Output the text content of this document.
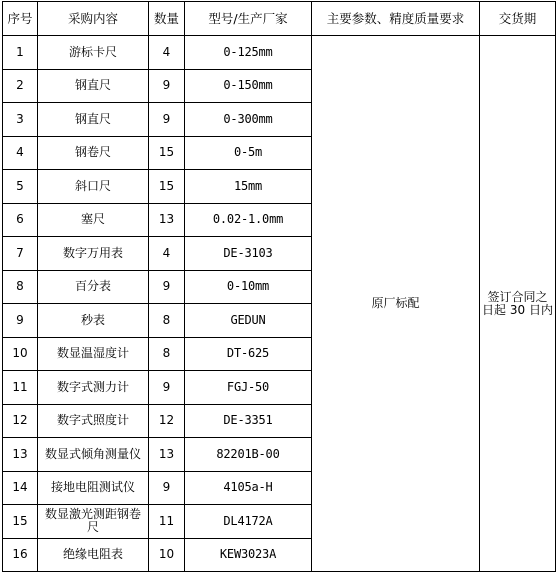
序号	采购内容	数量	型号/生产厂家	主要参数、精度质量要求	交货期
1	游标卡尺	4	0-125mm	原厂标配	签订合同之日起 30 日内
2	钢直尺	9	0-150mm		
3	钢直尺	9	0-300mm		
4	钢卷尺	15	0-5m		
5	斜口尺	15	15mm		
6	塞尺	13	0.02-1.0mm		
7	数字万用表	4	DE-3103		
8	百分表	9	0-10mm		
9	秒表	8	GEDUN		
10	数显温湿度计	8	DT-625		
11	数字式测力计	9	FGJ-50		
12	数字式照度计	12	DE-3351		
13	数显式倾角测量仪	13	82201B-00		
14	接地电阻测试仪	9	4105a-H		
15	数显激光测距钢卷尺	11	DL4172A		
16	绝缘电阻表	10	KEW3023A		
